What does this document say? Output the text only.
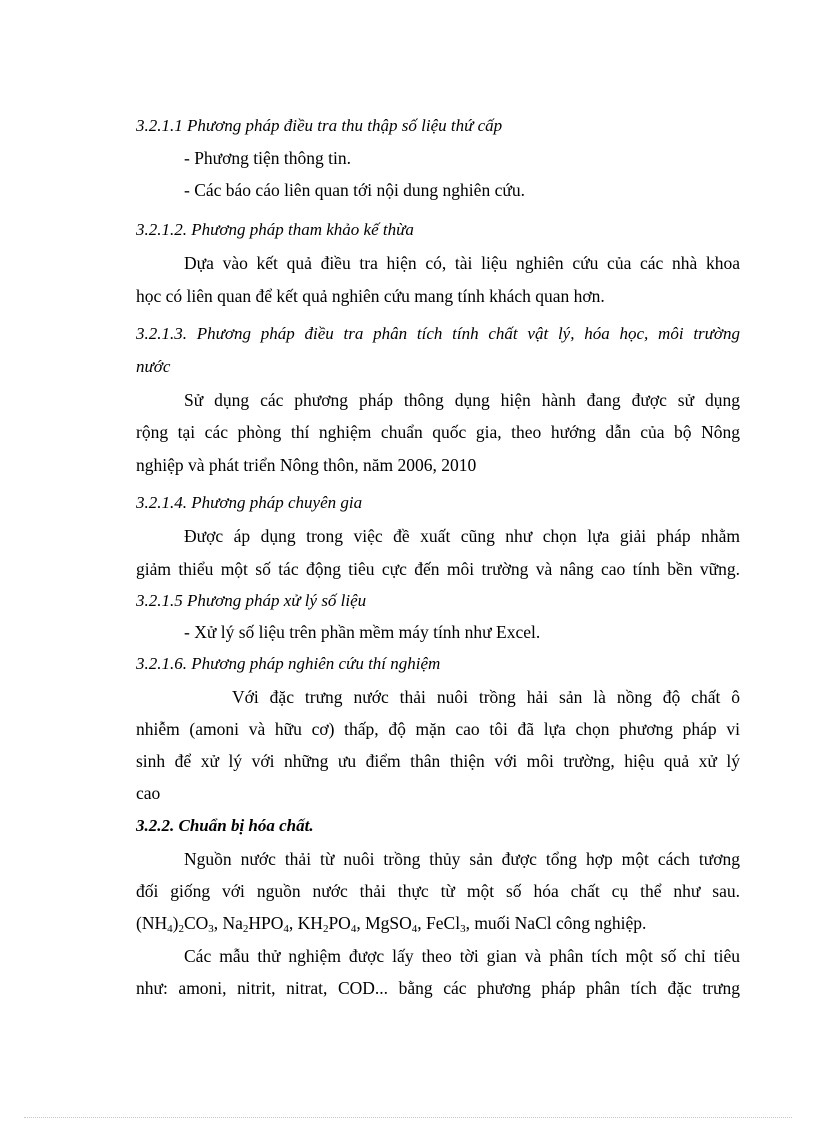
3.2.1.1 Phương pháp điều tra thu thập số liệu thứ cấp
- Phương tiện thông tin.
- Các báo cáo liên quan tới nội dung nghiên cứu.
3.2.1.2. Phương pháp tham khảo kế thừa
Dựa vào kết quả điều tra hiện có, tài liệu nghiên cứu của các nhà khoa
học có liên quan để kết quả nghiên cứu mang tính khách quan hơn.
3.2.1.3. Phương pháp điều tra phân tích tính chất vật lý, hóa học, môi trường
nước
Sử dụng các phương pháp thông dụng hiện hành đang được sử dụng
rộng tại các phòng thí nghiệm chuẩn quốc gia, theo hướng dẫn của bộ Nông
nghiệp và phát triển Nông thôn, năm 2006, 2010
3.2.1.4. Phương pháp chuyên gia
Được áp dụng trong việc đề xuất cũng như chọn lựa giải pháp nhằm
giảm thiểu một số tác động tiêu cực đến môi trường và nâng cao tính bền vững.
3.2.1.5 Phương pháp xử lý số liệu
- Xử lý số liệu trên phần mềm máy tính như Excel.
3.2.1.6. Phương pháp nghiên cứu thí nghiệm
Với đặc trưng nước thải nuôi trồng hải sản là nồng độ chất ô
nhiễm (amoni và hữu cơ) thấp, độ mặn cao tôi đã lựa chọn phương pháp vi
sinh để xử lý với những ưu điểm thân thiện với môi trường, hiệu quả xử lý
cao
3.2.2. Chuẩn bị hóa chất.
Nguồn nước thải từ nuôi trồng thủy sản được tổng hợp một cách tương
đối giống với nguồn nước thải thực từ một số hóa chất cụ thể như sau.
$(NH_4)_2CO_3$, $Na_2HPO_4$, $KH_2PO_4$, MgSO$_4$, FeCl$_3$, muối NaCl công nghiệp.
Các mẫu thử nghiệm được lấy theo tời gian và phân tích một số chỉ tiêu
như: amoni, nitrit, nitrat, COD... bằng các phương pháp phân tích đặc trưng
